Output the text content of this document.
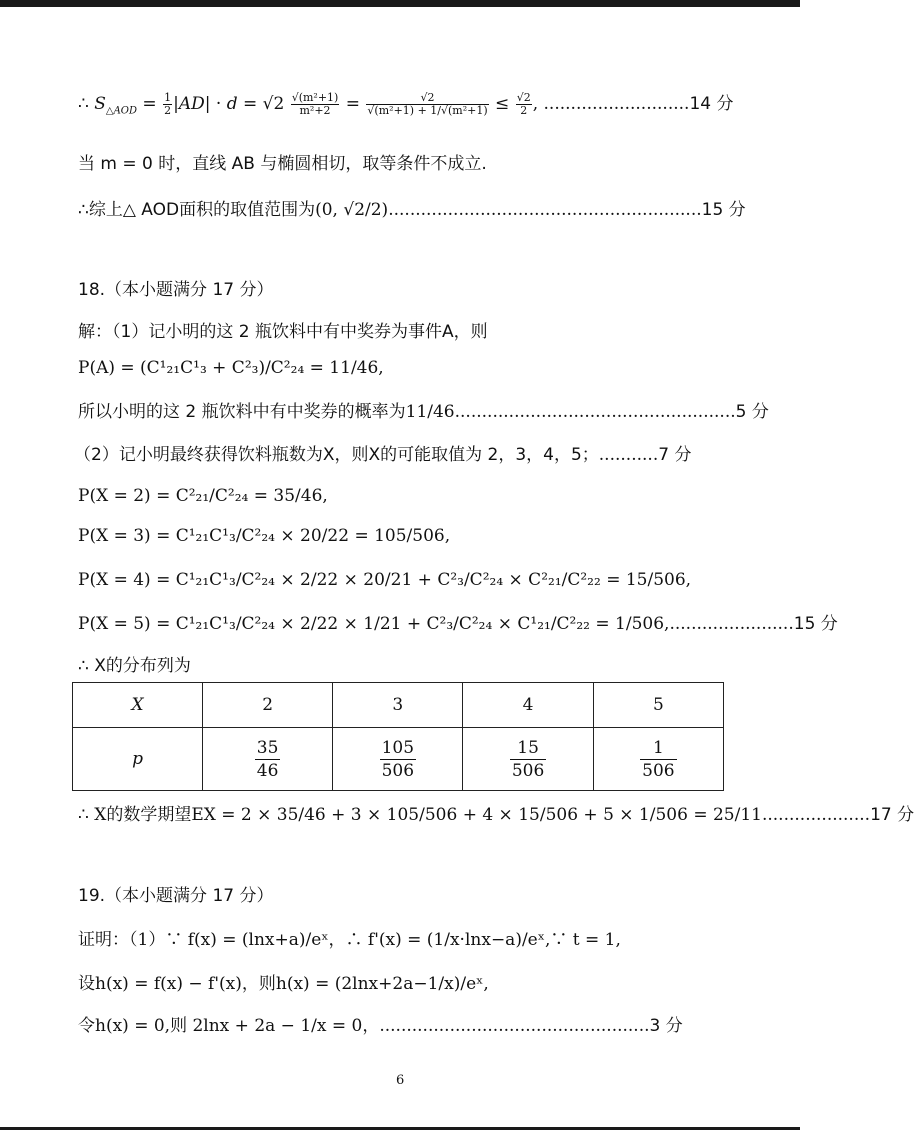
∴ $S_{\triangle AOD} = \frac{1}{2} |AD| \cdot d = √2 \frac{\text{√(m²+1)}}{\text{m²+2}} = \frac{√2}{\text{√(m²+1) + 1/√(m²+1)}} \le \frac{√2}{2}$ , ...........................14 分
当 m = 0 时，直线 AB 与椭圆相切，取等条件不成立.
∴综上△ AOD面积的取值范围为(0, √2/2)..........................................................15 分
18.（本小题满分 17 分）
解：（1）记小明的这 2 瓶饮料中有中奖券为事件A，则
P(A) = (C¹₂₁C¹₃ + C²₃)/C²₂₄ = 11/46,
所以小明的这 2 瓶饮料中有中奖券的概率为11/46....................................................5 分
（2）记小明最终获得饮料瓶数为X，则X的可能取值为 2，3，4，5；...........7 分
P(X = 2) = C²₂₁/C²₂₄ = 35/46,
P(X = 3) = C¹₂₁C¹₃/C²₂₄ × 20/22 = 105/506,
P(X = 4) = C¹₂₁C¹₃/C²₂₄ × 2/22 × 20/21 + C²₃/C²₂₄ × C²₂₁/C²₂₂ = 15/506,
P(X = 5) = C¹₂₁C¹₃/C²₂₄ × 2/22 × 1/21 + C²₃/C²₂₄ × C¹₂₁/C²₂₂ = 1/506,.......................15 分
∴ X的分布列为
X	2	3	4	5
p	$\frac{35}{46}$	$\frac{105}{506}$	$\frac{15}{506}$	$\frac{1}{506}$
∴ X的数学期望EX = 2 × 35/46 + 3 × 105/506 + 4 × 15/506 + 5 × 1/506 = 25/11....................17 分
19.（本小题满分 17 分）
证明：（1）∵ f(x) = (lnx+a)/eˣ，∴ f'(x) = (1/x·lnx−a)/eˣ,∵ t = 1,
设h(x) = f(x) − f'(x)，则h(x) = (2lnx+2a−1/x)/eˣ,
令h(x) = 0,则 2lnx + 2a − 1/x = 0，..................................................3 分
6
